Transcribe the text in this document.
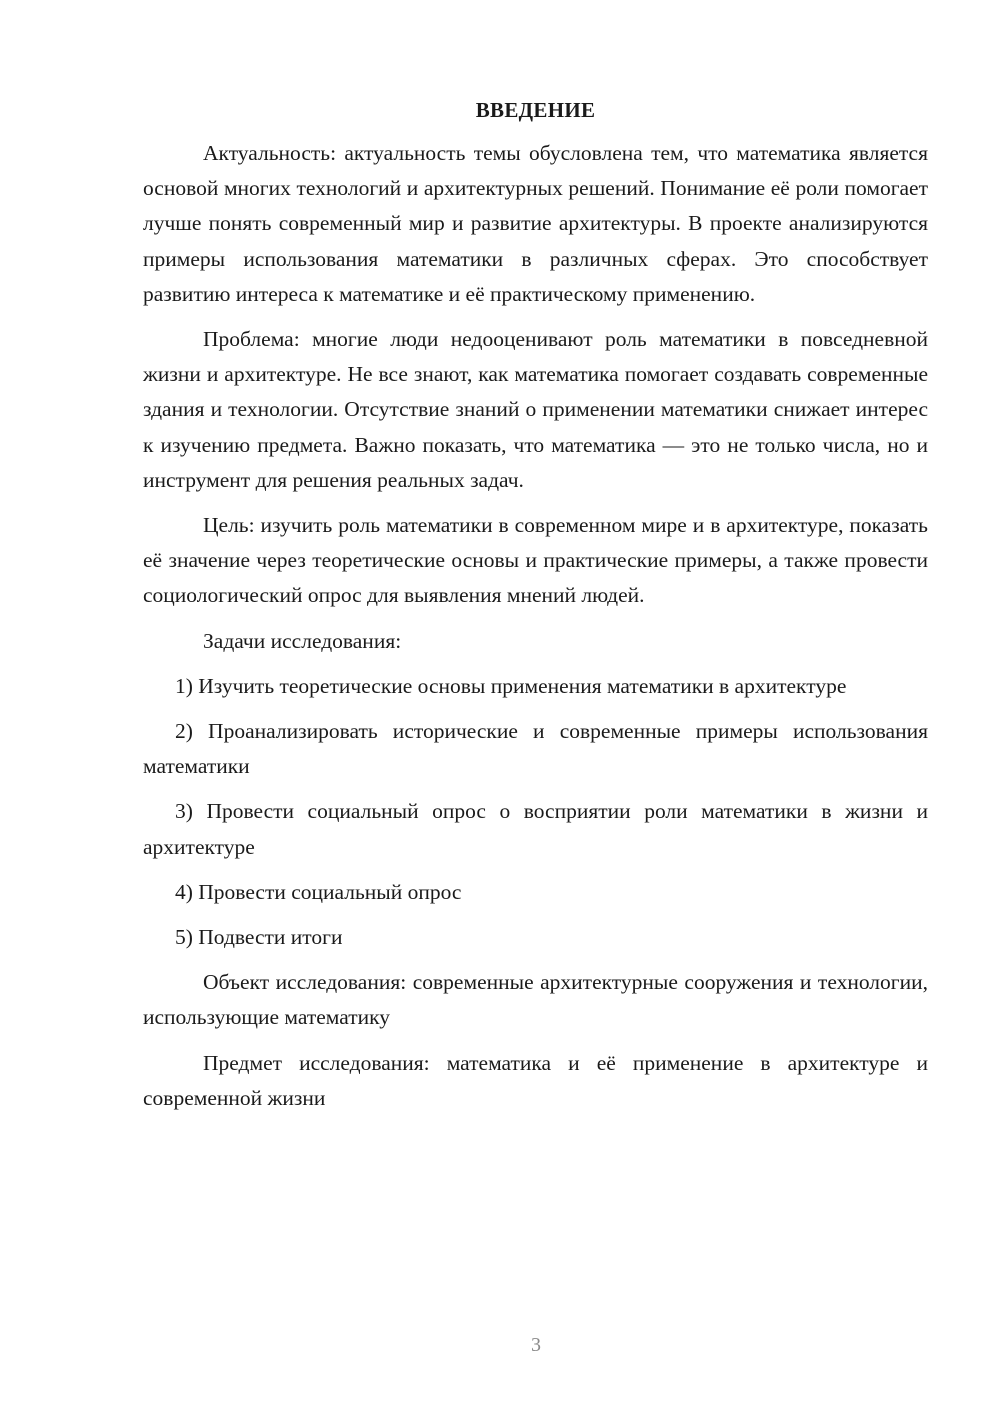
ВВЕДЕНИЕ

Актуальность: актуальность темы обусловлена тем, что математика является основой многих технологий и архитектурных решений. Понимание её роли помогает лучше понять современный мир и развитие архитектуры. В проекте анализируются примеры использования математики в различных сферах. Это способствует развитию интереса к математике и её практическому применению.

Проблема: многие люди недооценивают роль математики в повседневной жизни и архитектуре. Не все знают, как математика помогает создавать современные здания и технологии. Отсутствие знаний о применении математики снижает интерес к изучению предмета. Важно показать, что математика — это не только числа, но и инструмент для решения реальных задач.

Цель: изучить роль математики в современном мире и в архитектуре, показать её значение через теоретические основы и практические примеры, а также провести социологический опрос для выявления мнений людей.

Задачи исследования:

1) Изучить теоретические основы применения математики в архитектуре

2) Проанализировать исторические и современные примеры использования математики

3) Провести социальный опрос о восприятии роли математики в жизни и архитектуре

4) Провести социальный опрос

5) Подвести итоги

Объект исследования: современные архитектурные сооружения и технологии, использующие математику

Предмет исследования: математика и её применение в архитектуре и современной жизни

3
